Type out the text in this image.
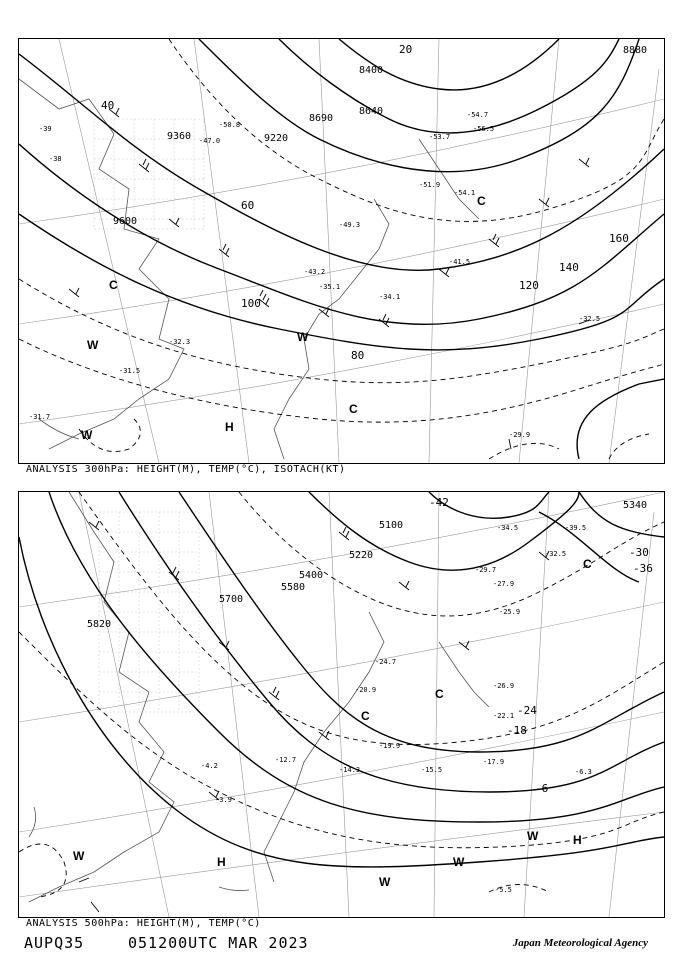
8880
8400
8640
8690
9360	9220
9600
20
40
60
80
100
120
140
160
-29.9
-31.5
-31.7
-32.3
-32.5
-34.1
-35.1
-38
-39
-41.5
-43.2
-47.0
-49.3
-50.8
-51.9
-53.7
-54.1
-54.7
-56.5
H
C
C
C
W
W
W
ANALYSIS 300hPa: HEIGHT(M), TEMP(°C), ISOTACH(KT)
5100
5220
5340
5400
5580
5700
5820
-42
-36
-30
-24
-18
-6
-5.5
-6.3
-3.9
-4.2
-12.7
-14.3	-15.5
-17.9
-19.9
-20.9
-22.1
-24.7
-25.9
-26.9
-27.9
-29.7
-32.5
-34.5	-39.5
H
H
W
W
W
W
C
C
C
ANALYSIS 500hPa: HEIGHT(M), TEMP(°C)
AUPQ35	051200UTC MAR 2023	Japan Meteorological Agency
